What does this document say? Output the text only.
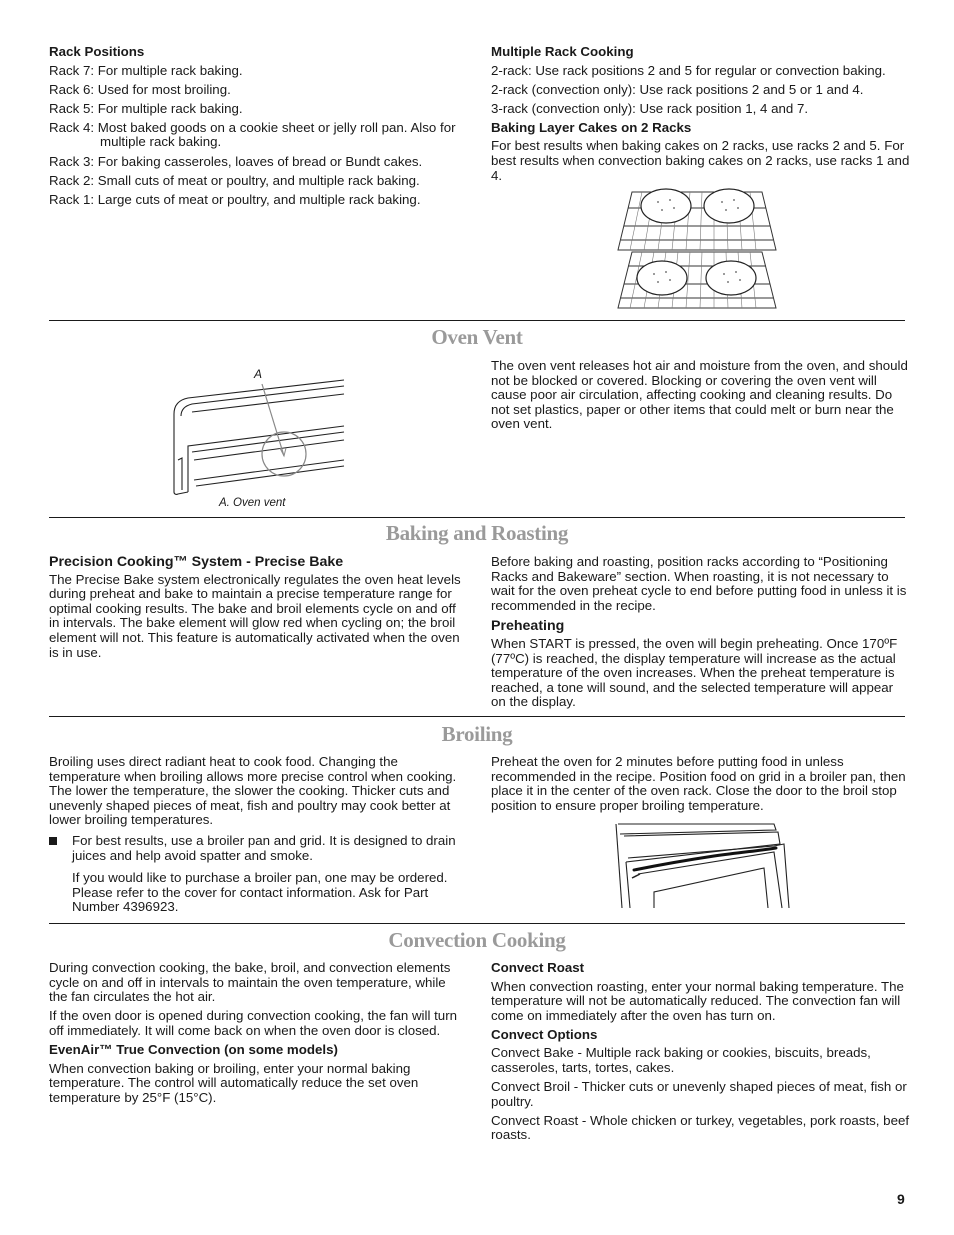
Rack Positions
Rack 7: For multiple rack baking.
Rack 6: Used for most broiling.
Rack 5: For multiple rack baking.
Rack 4: Most baked goods on a cookie sheet or jelly roll pan. Also for multiple rack baking.
Rack 3: For baking casseroles, loaves of bread or Bundt cakes.
Rack 2: Small cuts of meat or poultry, and multiple rack baking.
Rack 1: Large cuts of meat or poultry, and multiple rack baking.
Multiple Rack Cooking

2-rack: Use rack positions 2 and 5 for regular or convection baking.

2-rack (convection only): Use rack positions 2 and 5 or 1 and 4.

3-rack (convection only): Use rack position 1, 4 and 7.

Baking Layer Cakes on 2 Racks

For best results when baking cakes on 2 racks, use racks 2 and 5. For best results when convection baking cakes on 2 racks, use racks 1 and 4.

Oven Vent
A
A. Oven vent

The oven vent releases hot air and moisture from the oven, and should not be blocked or covered. Blocking or covering the oven vent will cause poor air circulation, affecting cooking and cleaning results. Do not set plastics, paper or other items that could melt or burn near the oven vent.

Baking and Roasting
Precision Cooking™ System - Precise Bake

The Precise Bake system electronically regulates the oven heat levels during preheat and bake to maintain a precise temperature range for optimal cooking results. The bake and broil elements cycle on and off in intervals. The bake element will glow red when cycling on; the broil element will not. This feature is automatically activated when the oven is in use.

Before baking and roasting, position racks according to “Positioning Racks and Bakeware” section. When roasting, it is not necessary to wait for the oven preheat cycle to end before putting food in unless it is recommended in the recipe.

Preheating

When START is pressed, the oven will begin preheating. Once 170ºF (77ºC) is reached, the display temperature will increase as the actual temperature of the oven increases. When the preheat temperature is reached, a tone will sound, and the selected temperature will appear on the display.

Broiling

Broiling uses direct radiant heat to cook food. Changing the temperature when broiling allows more precise control when cooking. The lower the temperature, the slower the cooking. Thicker cuts and unevenly shaped pieces of meat, fish and poultry may cook better at lower broiling temperatures.

For best results, use a broiler pan and grid. It is designed to drain juices and help avoid spatter and smoke.

If you would like to purchase a broiler pan, one may be ordered. Please refer to the cover for contact information. Ask for Part Number 4396923.

Preheat the oven for 2 minutes before putting food in unless recommended in the recipe. Position food on grid in a broiler pan, then place it in the center of the oven rack. Close the door to the broil stop position to ensure proper broiling temperature.

Convection Cooking

During convection cooking, the bake, broil, and convection elements cycle on and off in intervals to maintain the oven temperature, while the fan circulates the hot air.

If the oven door is opened during convection cooking, the fan will turn off immediately. It will come back on when the oven door is closed.

EvenAir™ True Convection (on some models)

When convection baking or broiling, enter your normal baking temperature. The control will automatically reduce the set oven temperature by 25°F (15°C).

Convect Roast

When convection roasting, enter your normal baking temperature. The temperature will not be automatically reduced. The convection fan will come on immediately after the oven has turn on.

Convect Options

Convect Bake - Multiple rack baking or cookies, biscuits, breads, casseroles, tarts, tortes, cakes.

Convect Broil - Thicker cuts or unevenly shaped pieces of meat, fish or poultry.

Convect Roast - Whole chicken or turkey, vegetables, pork roasts, beef roasts.

9
